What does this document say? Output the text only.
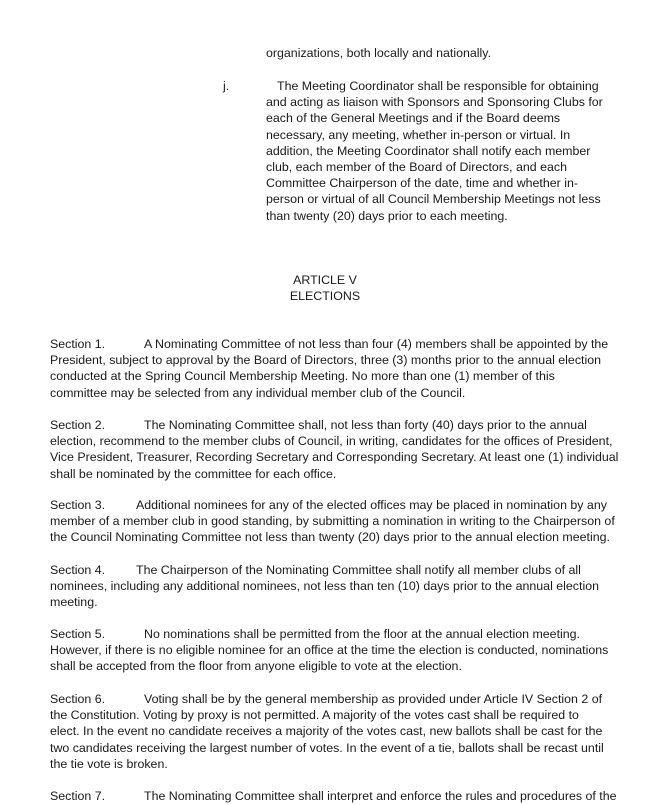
organizations, both locally and nationally.
j.	The Meeting Coordinator shall be responsible for obtaining
and acting as liaison with Sponsors and Sponsoring Clubs for
each of the General Meetings and if the Board deems
necessary, any meeting, whether in-person or virtual. In
addition, the Meeting Coordinator shall notify each member
club, each member of the Board of Directors, and each
Committee Chairperson of the date, time and whether in-
person or virtual of all Council Membership Meetings not less
than twenty (20) days prior to each meeting.
ARTICLE V
ELECTIONS
Section 1.	A Nominating Committee of not less than four (4) members shall be appointed by the
President, subject to approval by the Board of Directors, three (3) months prior to the annual election
conducted at the Spring Council Membership Meeting. No more than one (1) member of this
committee may be selected from any individual member club of the Council.
Section 2.	The Nominating Committee shall, not less than forty (40) days prior to the annual
election, recommend to the member clubs of Council, in writing, candidates for the offices of President,
Vice President, Treasurer, Recording Secretary and Corresponding Secretary. At least one (1) individual
shall be nominated by the committee for each office.
Section 3. Additional nominees for any of the elected offices may be placed in nomination by any
member of a member club in good standing, by submitting a nomination in writing to the Chairperson of
the Council Nominating Committee not less than twenty (20) days prior to the annual election meeting.
Section 4. The Chairperson of the Nominating Committee shall notify all member clubs of all
nominees, including any additional nominees, not less than ten (10) days prior to the annual election
meeting.
Section 5.	No nominations shall be permitted from the floor at the annual election meeting.
However, if there is no eligible nominee for an office at the time the election is conducted, nominations
shall be accepted from the floor from anyone eligible to vote at the election.
Section 6.	Voting shall be by the general membership as provided under Article IV Section 2 of
the Constitution. Voting by proxy is not permitted. A majority of the votes cast shall be required to
elect. In the event no candidate receives a majority of the votes cast, new ballots shall be cast for the
two candidates receiving the largest number of votes. In the event of a tie, ballots shall be recast until
the tie vote is broken.
Section 7.	The Nominating Committee shall interpret and enforce the rules and procedures of the
